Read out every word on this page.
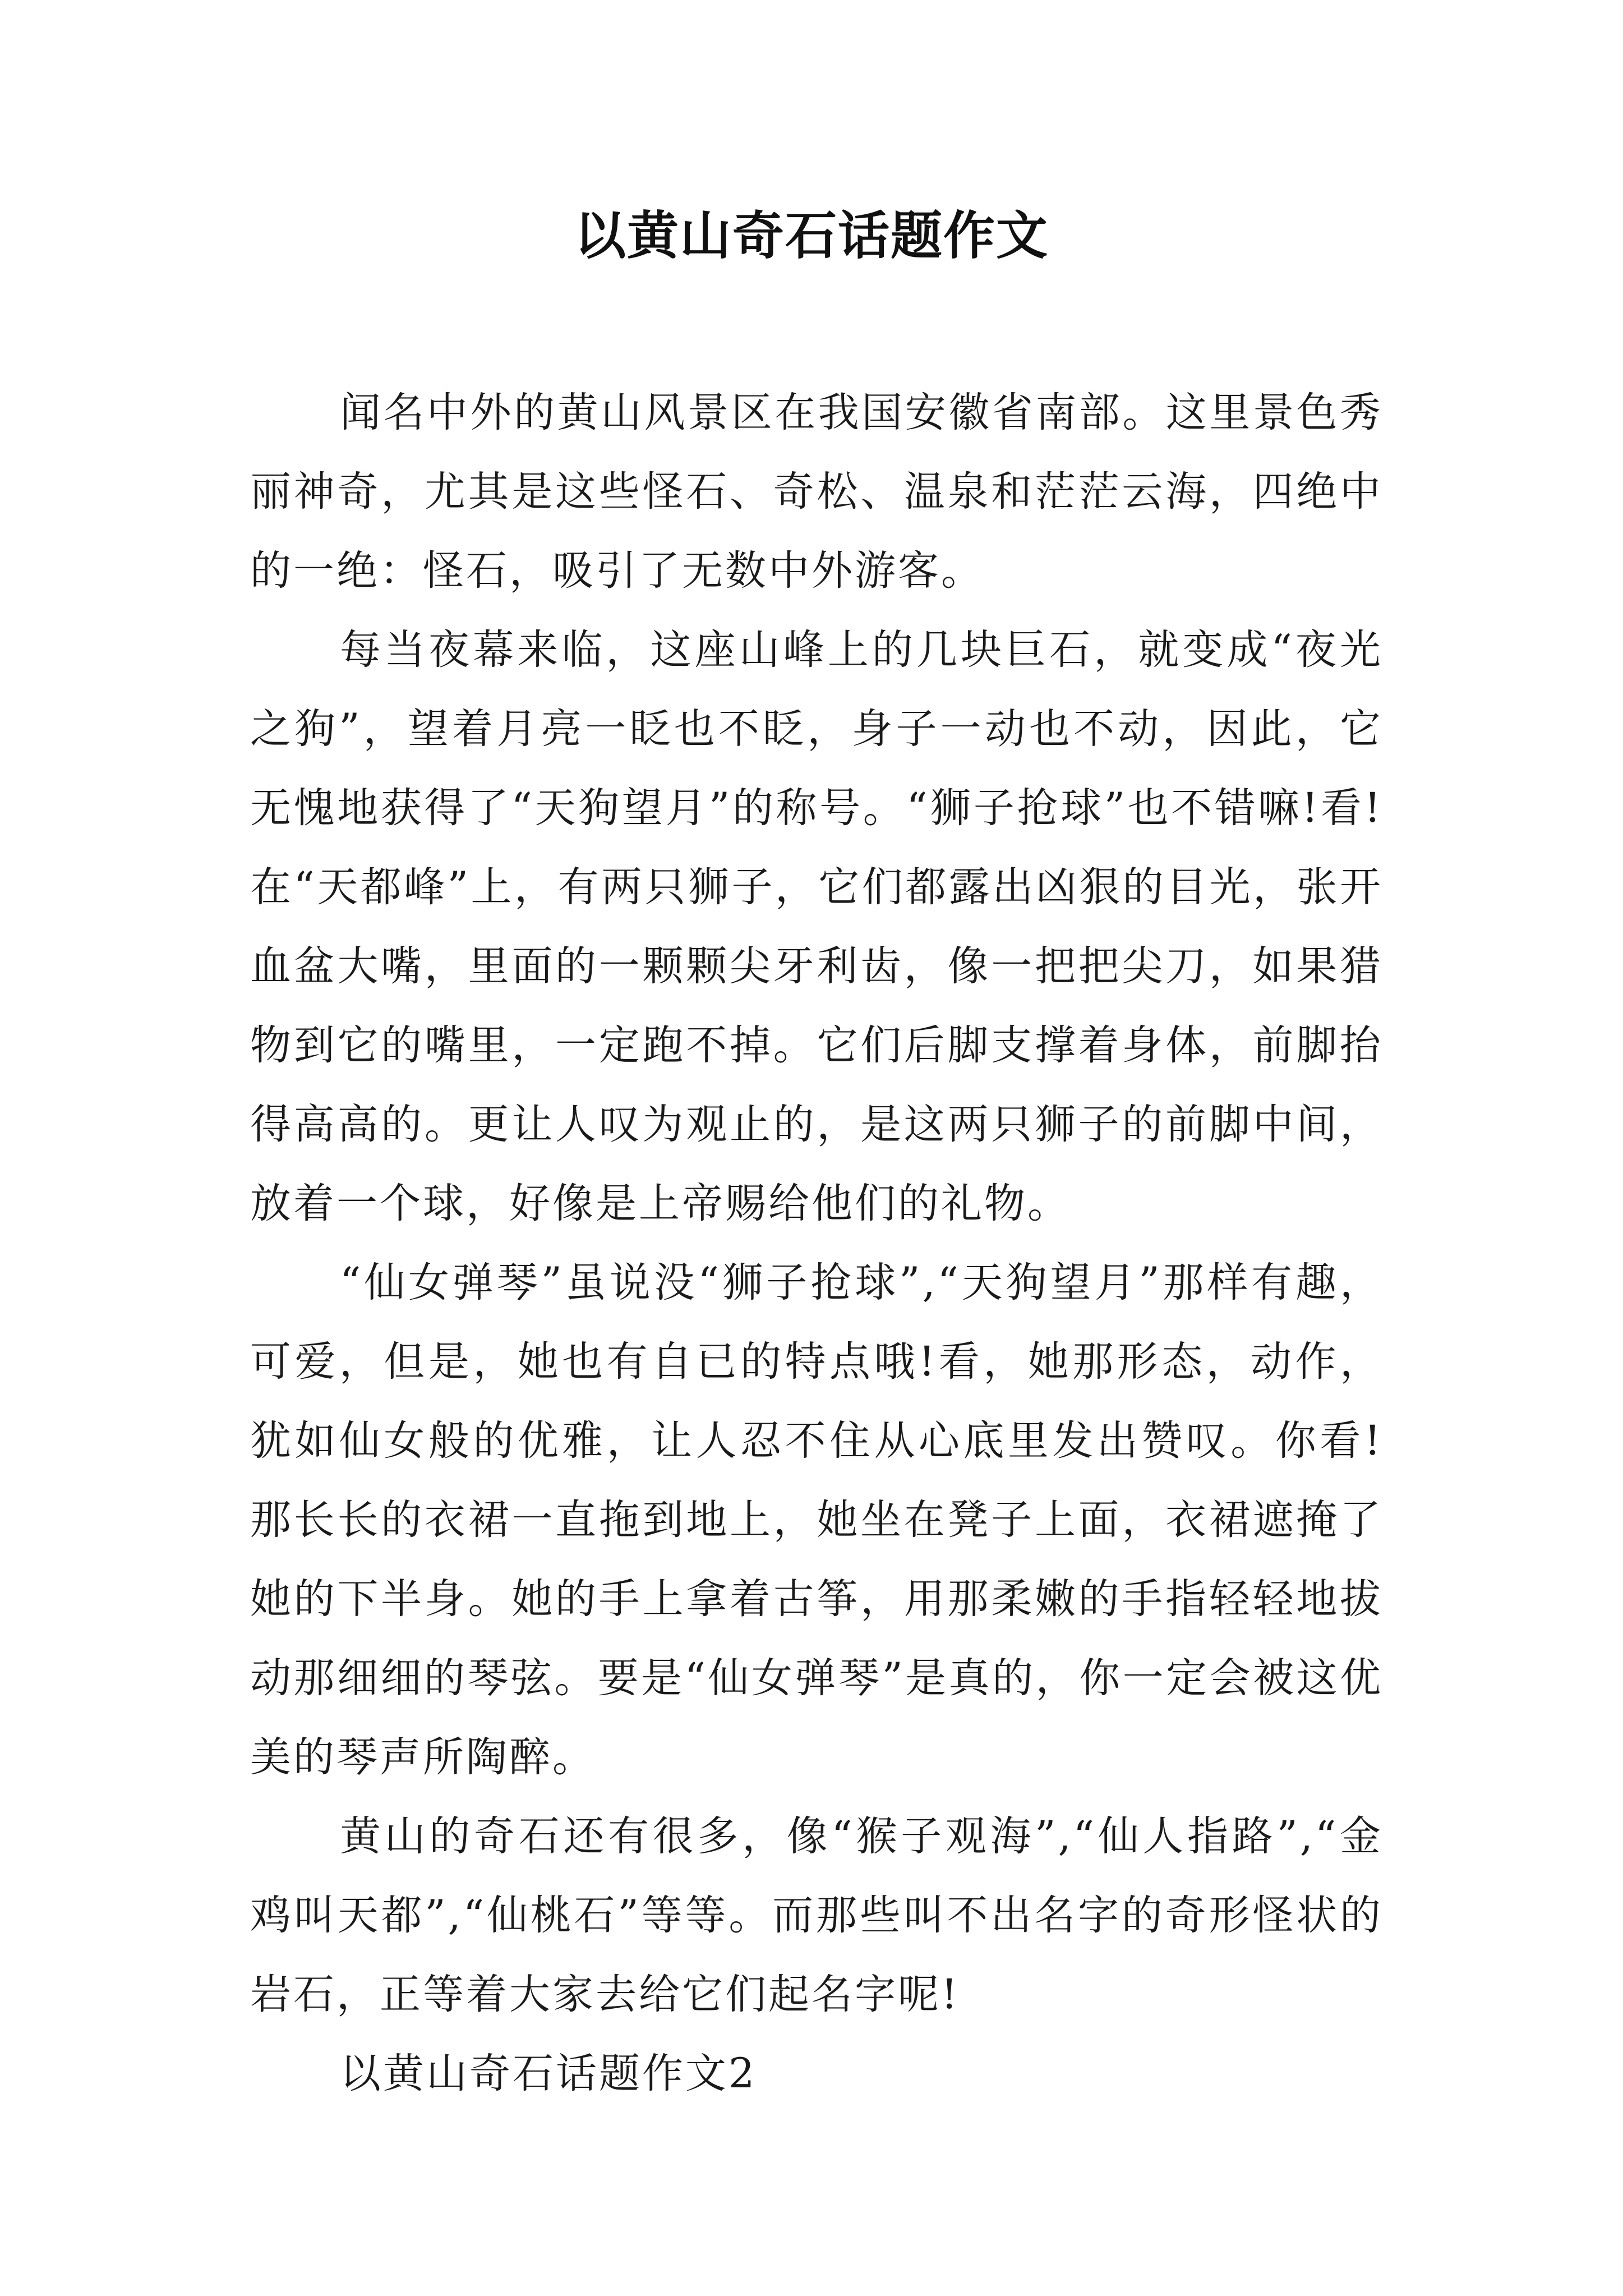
以黄山奇石话题作文

闻名中外的黄山风景区在我国安徽省南部。这里景色秀丽神奇，尤其是这些怪石、奇松、温泉和茫茫云海，四绝中的一绝：怪石，吸引了无数中外游客。

每当夜幕来临，这座山峰上的几块巨石，就变成“夜光之狗”，望着月亮一眨也不眨，身子一动也不动，因此，它无愧地获得了“天狗望月”的称号。“狮子抢球”也不错嘛!看!在“天都峰”上，有两只狮子，它们都露出凶狠的目光，张开血盆大嘴，里面的一颗颗尖牙利齿，像一把把尖刀，如果猎物到它的嘴里，一定跑不掉。它们后脚支撑着身体，前脚抬得高高的。更让人叹为观止的，是这两只狮子的前脚中间，放着一个球，好像是上帝赐给他们的礼物。

“仙女弹琴”虽说没“狮子抢球”,“天狗望月”那样有趣，可爱，但是，她也有自已的特点哦!看，她那形态，动作，犹如仙女般的优雅，让人忍不住从心底里发出赞叹。你看!那长长的衣裙一直拖到地上，她坐在凳子上面，衣裙遮掩了她的下半身。她的手上拿着古筝，用那柔嫩的手指轻轻地拔动那细细的琴弦。要是“仙女弹琴”是真的，你一定会被这优美的琴声所陶醉。

黄山的奇石还有很多，像“猴子观海”,“仙人指路”,“金鸡叫天都”,“仙桃石”等等。而那些叫不出名字的奇形怪状的岩石，正等着大家去给它们起名字呢!

以黄山奇石话题作文2
